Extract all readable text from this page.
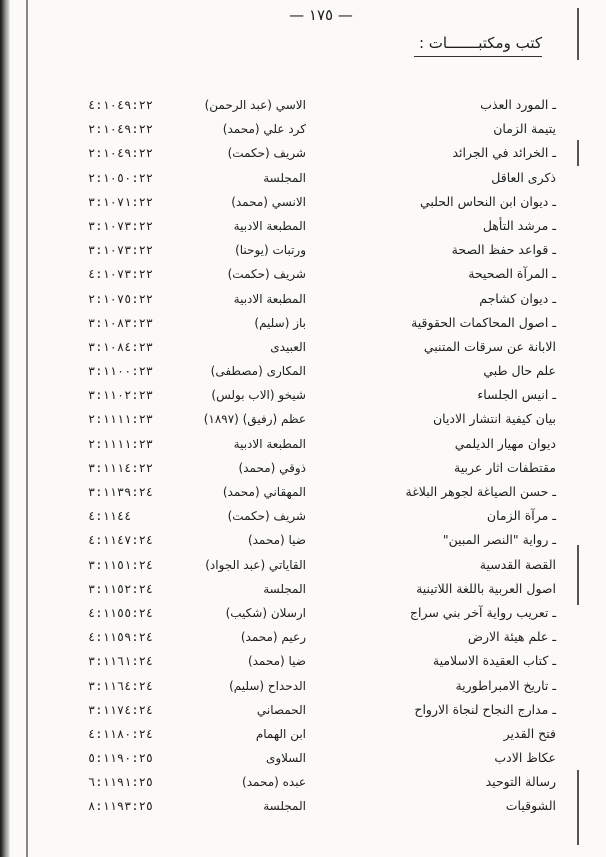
— ١٧٥ —
كتب ومكتبـــــــات :
ـ المورد العذب
الاسي (عبد الرحمن)
٤:١٠٤٩:٢٢
يتيمة الزمان
كرد علي (محمد)
٢:١٠٤٩:٢٢
ـ الخرائد في الجرائد
شريف (حكمت)
٢:١٠٤٩:٢٢
ذكرى العاقل
المجلسة
٢:١٠٥٠:٢٢
ـ ديوان ابن النحاس الحلبي
الانسي (محمد)
٣:١٠٧١:٢٢
ـ مرشد التأهل
المطبعة الادبية
٣:١٠٧٣:٢٢
ـ قواعد حفظ الصحة
ورتبات (يوحنا)
٣:١٠٧٣:٢٢
ـ المرآة الصحيحة
شريف (حكمت)
٤:١٠٧٣:٢٢
ـ ديوان كشاجم
المطبعة الادبية
٢:١٠٧٥:٢٢
ـ اصول المحاكمات الحقوقية
باز (سليم)
٣:١٠٨٣:٢٣
الابانة عن سرقات المتنبي
العبيدى
٣:١٠٨٤:٢٣
علم حال طبي
المكارى (مصطفى)
٣:١١٠٠:٢٣
ـ انيس الجلساء
شيخو (الاب بولس)
٣:١١٠٢:٢٣
بيان كيفية انتشار الاديان
عظم (رفيق) (١٨٩٧)
٢:١١١١:٢٣
ديوان مهيار الديلمي
المطبعة الادبية
٢:١١١١:٢٣
مقتطفات اثار عربية
ذوقي (محمد)
٣:١١١٤:٢٢
ـ حسن الصياغة لجوهر البلاغة
المهقاني (محمد)
٣:١١٣٩:٢٤
ـ مرآة الزمان
شريف (حكمت)
٤:١١٤٤
ـ رواية "النصر المبين"
ضيا (محمد)
٤:١١٤٧:٢٤
القصة القدسية
القاياتي (عبد الجواد)
٣:١١٥١:٢٤
اصول العربية باللغة اللاتينية
المجلسة
٣:١١٥٢:٢٤
ـ تعريب رواية آخر بني سراج
ارسلان (شكيب)
٤:١١٥٥:٢٤
ـ علم هيئة الارض
رعيم (محمد)
٤:١١٥٩:٢٤
ـ كتاب العقيدة الاسلامية
ضيا (محمد)
٣:١١٦١:٢٤
ـ تاريخ الامبراطورية
الدحداح (سليم)
٣:١١٦٤:٢٤
ـ مدارج النجاح لنجاة الارواح
الحمصاني
٣:١١٧٤:٢٤
فتح القدير
ابن الهمام
٤:١١٨٠:٢٤
عكاظ الادب
السلاوى
٥:١١٩٠:٢٥
رسالة التوحيد
عبده (محمد)
٦:١١٩١:٢٥
الشوقيات
المجلسة
٨:١١٩٣:٢٥
